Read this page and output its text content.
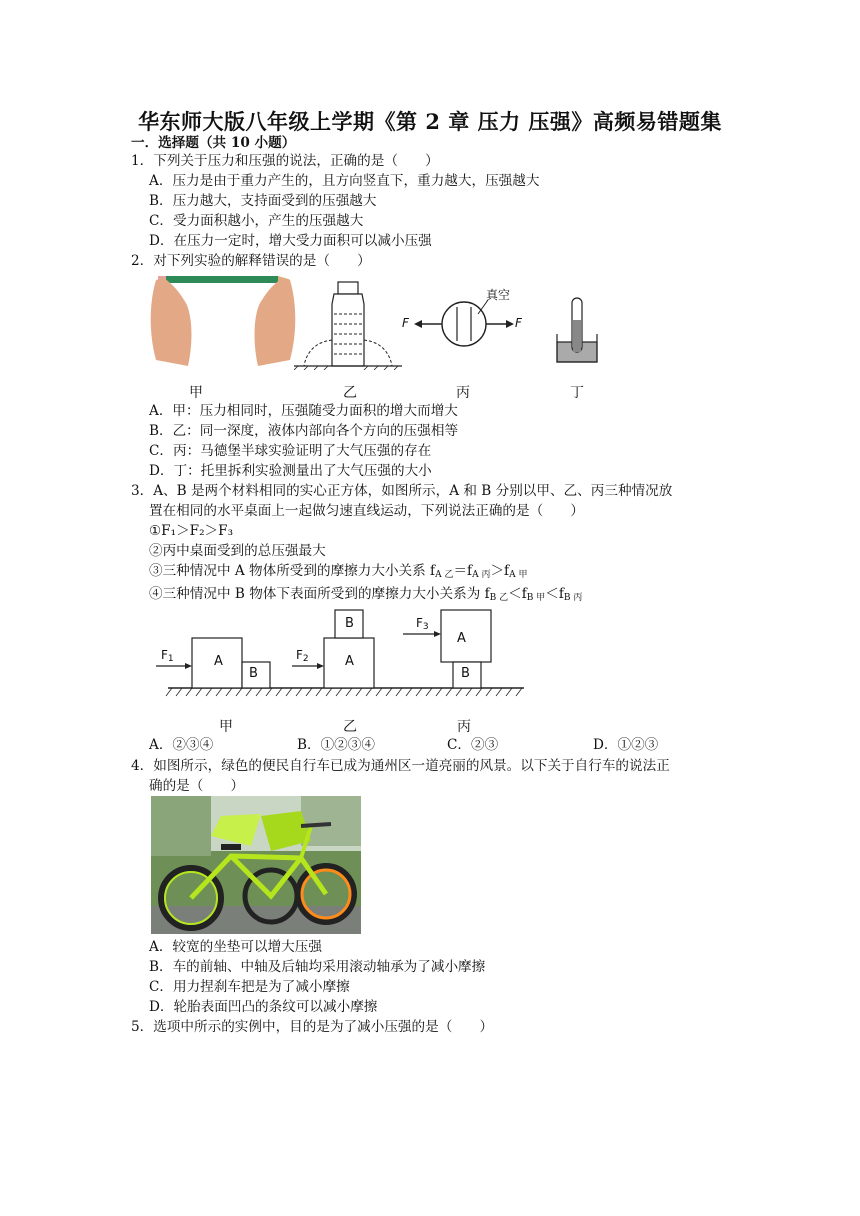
华东师大版八年级上学期《第 2 章 压力 压强》高频易错题集
一．选择题（共 10 小题）
1．下列关于压力和压强的说法，正确的是（　　）
A．压力是由于重力产生的，且方向竖直下，重力越大，压强越大
B．压力越大，支持面受到的压强越大
C．受力面积越小，产生的压强越大
D．在压力一定时，增大受力面积可以减小压强
2．对下列实验的解释错误的是（　　）
甲	乙
F	F
真空
丙	丁
A．甲：压力相同时，压强随受力面积的增大而增大
B．乙：同一深度，液体内部向各个方向的压强相等
C．丙：马德堡半球实验证明了大气压强的存在
D．丁：托里拆利实验测量出了大气压强的大小
3．A、B 是两个材料相同的实心正方体，如图所示，A 和 B 分别以甲、乙、丙三种情况放
置在相同的水平桌面上一起做匀速直线运动，下列说法正确的是（　　）
①F₁＞F₂＞F₃
②丙中桌面受到的总压强最大
③三种情况中 A 物体所受到的摩擦力大小关系 $f_{A 乙}=f_{A 丙}>f_{A 甲}$
④三种情况中 B 物体下表面所受到的摩擦力大小关系为 $f_{B 乙}<f_{B 甲}<f_{B 丙}$
A
B
A
B
A
B
$F_1$	$F_2$
$F_3$
甲	乙	丙
A．②③④	B．①②③④	C．②③	D．①②③
4．如图所示，绿色的便民自行车已成为通州区一道亮丽的风景。以下关于自行车的说法正
确的是（　　）
A．较宽的坐垫可以增大压强
B．车的前轴、中轴及后轴均采用滚动轴承为了减小摩擦
C．用力捏刹车把是为了减小摩擦
D．轮胎表面凹凸的条纹可以减小摩擦
5．选项中所示的实例中，目的是为了减小压强的是（　　）
